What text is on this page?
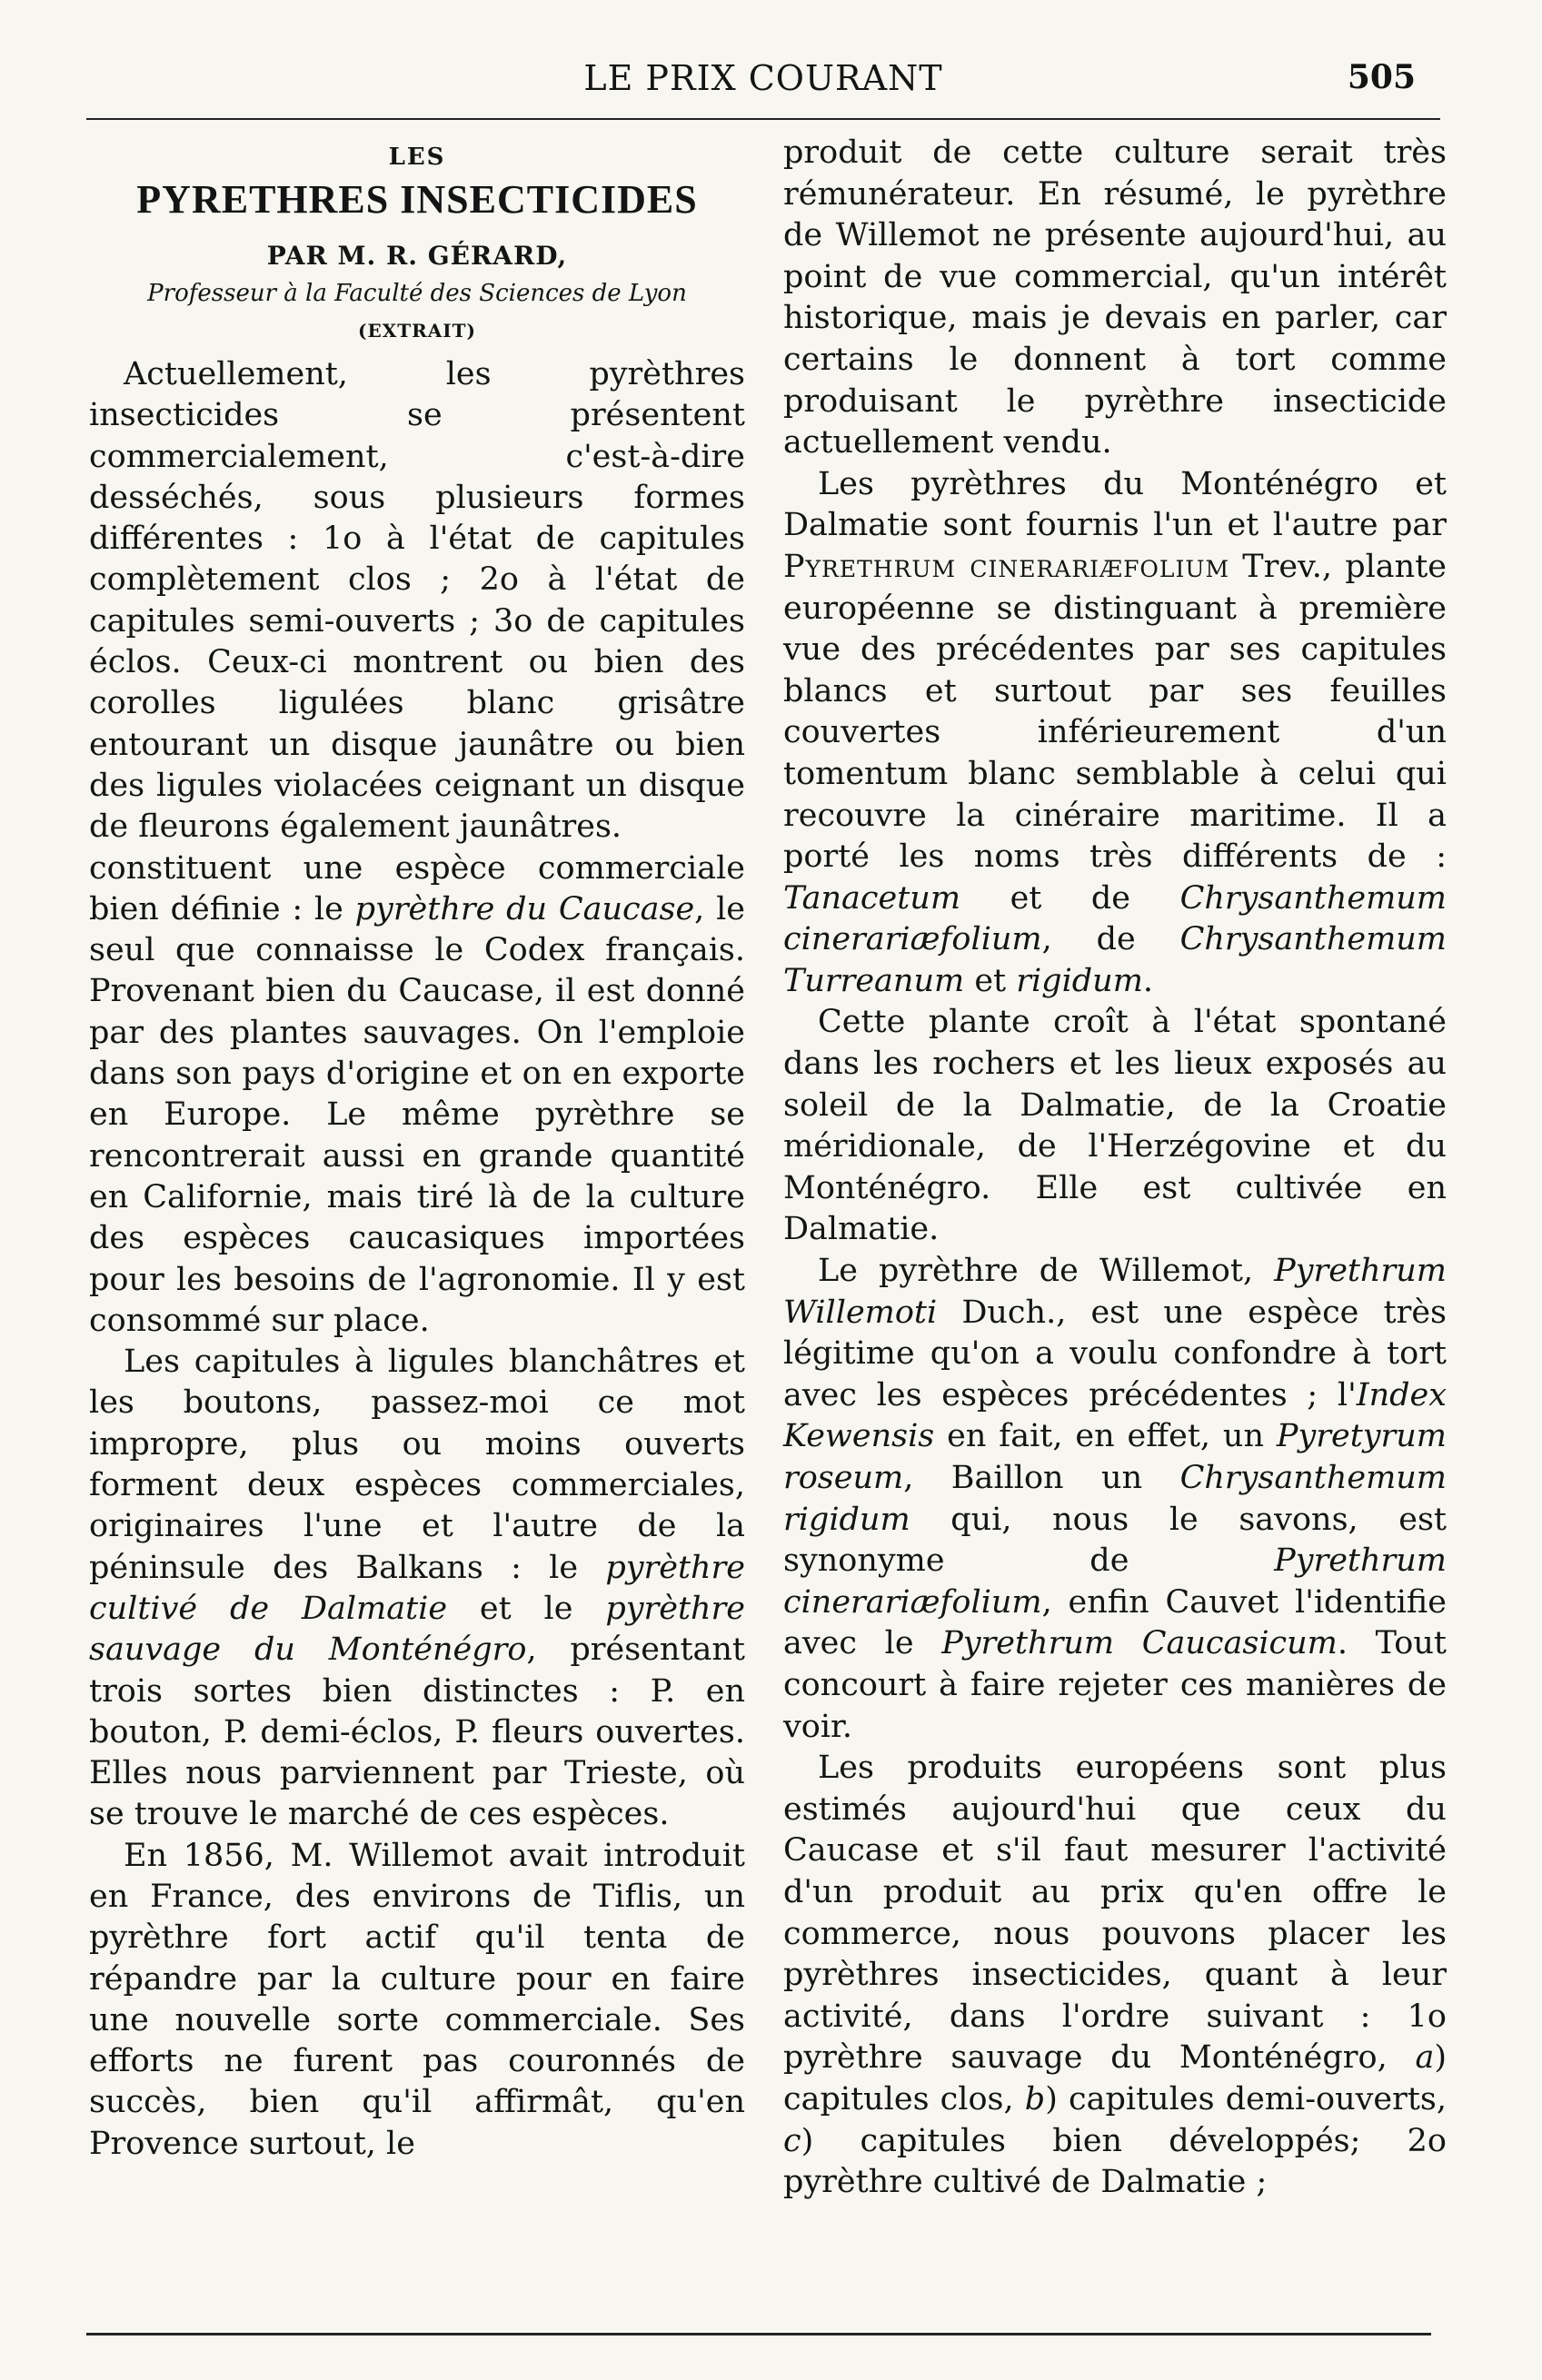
LE PRIX COURANT	505
LES
PYRETHRES INSECTICIDES
PAR M. R. GÉRARD,
Professeur à la Faculté des Sciences de Lyon
(EXTRAIT)

Actuellement, les pyrèthres insecticides se présentent commercialement, c'est-à-dire desséchés, sous plusieurs formes différentes : 1o à l'état de capitules complètement clos ; 2o à l'état de capitules semi-ouverts ; 3o de capitules éclos. Ceux-ci montrent ou bien des corolles ligulées blanc grisâtre entourant un disque jaunâtre ou bien des ligules violacées ceignant un disque de fleurons également jaunâtres.

constituent une espèce commerciale bien définie : le pyrèthre du Caucase, le seul que connaisse le Codex français. Provenant bien du Caucase, il est donné par des plantes sauvages. On l'emploie dans son pays d'origine et on en exporte en Europe. Le même pyrèthre se rencontrerait aussi en grande quantité en Californie, mais tiré là de la culture des espèces caucasiques importées pour les besoins de l'agronomie. Il y est consommé sur place.

Les capitules à ligules blanchâtres et les boutons, passez-moi ce mot impropre, plus ou moins ouverts forment deux espèces commerciales, originaires l'une et l'autre de la péninsule des Balkans : le pyrèthre cultivé de Dalmatie et le pyrèthre sauvage du Monténégro, présentant trois sortes bien distinctes : P. en bouton, P. demi-éclos, P. fleurs ouvertes. Elles nous parviennent par Trieste, où se trouve le marché de ces espèces.

En 1856, M. Willemot avait introduit en France, des environs de Tiflis, un pyrèthre fort actif qu'il tenta de répandre par la culture pour en faire une nouvelle sorte commerciale. Ses efforts ne furent pas couronnés de succès, bien qu'il affirmât, qu'en Provence surtout, le

produit de cette culture serait très rémunérateur. En résumé, le pyrèthre de Willemot ne présente aujourd'hui, au point de vue commercial, qu'un intérêt historique, mais je devais en parler, car certains le donnent à tort comme produisant le pyrèthre insecticide actuellement vendu.

Les pyrèthres du Monténégro et Dalmatie sont fournis l'un et l'autre par Pyrethrum cinerariæfolium Trev., plante européenne se distinguant à première vue des précédentes par ses capitules blancs et surtout par ses feuilles couvertes inférieurement d'un tomentum blanc semblable à celui qui recouvre la cinéraire maritime. Il a porté les noms très différents de : Tanacetum et de Chrysanthemum cinerariæfolium, de Chrysanthemum Turreanum et rigidum.

Cette plante croît à l'état spontané dans les rochers et les lieux exposés au soleil de la Dalmatie, de la Croatie méridionale, de l'Herzégovine et du Monténégro. Elle est cultivée en Dalmatie.

Le pyrèthre de Willemot, Pyrethrum Willemoti Duch., est une espèce très légitime qu'on a voulu confondre à tort avec les espèces précédentes ; l'Index Kewensis en fait, en effet, un Pyretyrum roseum, Baillon un Chrysanthemum rigidum qui, nous le savons, est synonyme de Pyrethrum cinerariæfolium, enfin Cauvet l'identifie avec le Pyrethrum Caucasicum. Tout concourt à faire rejeter ces manières de voir.

Les produits européens sont plus estimés aujourd'hui que ceux du Caucase et s'il faut mesurer l'activité d'un produit au prix qu'en offre le commerce, nous pouvons placer les pyrèthres insecticides, quant à leur activité, dans l'ordre suivant : 1o pyrèthre sauvage du Monténégro, a) capitules clos, b) capitules demi-ouverts, c) capitules bien développés; 2o pyrèthre cultivé de Dalmatie ;
